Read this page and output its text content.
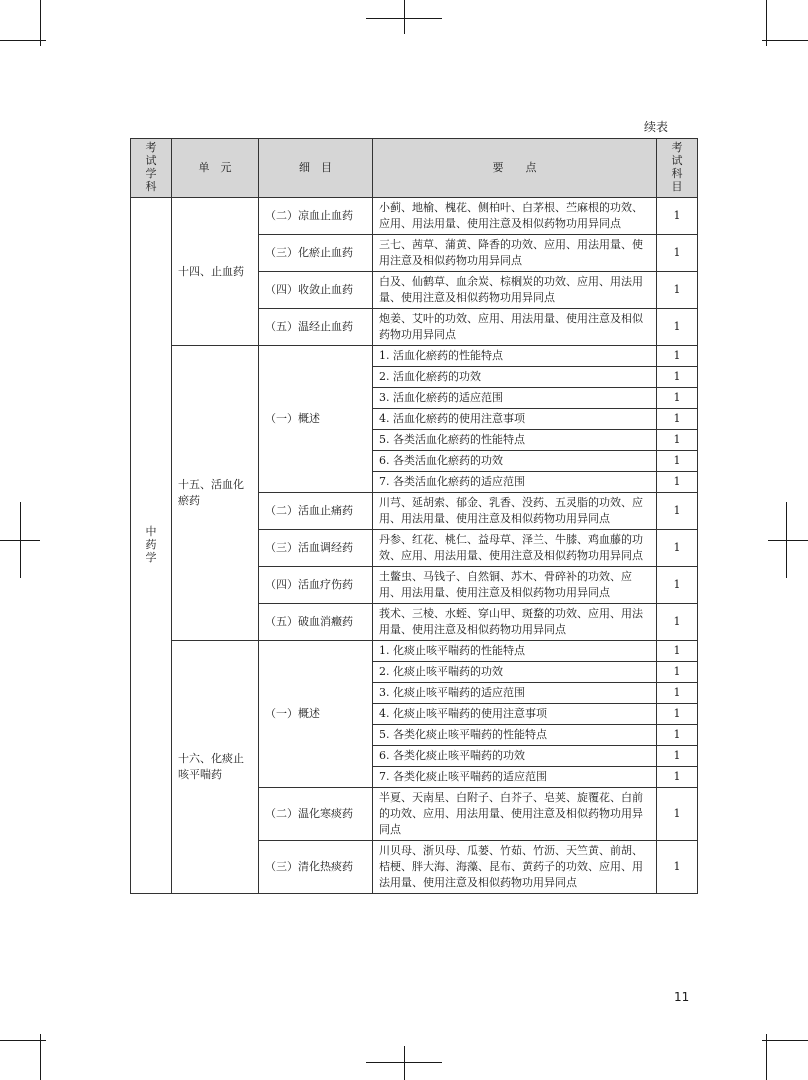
续表
考试学科	单　元	细　目	要　　点	考试科目
中药学	十四、止血药	（二）凉血止血药	小蓟、地榆、槐花、侧柏叶、白茅根、苎麻根的功效、应用、用法用量、使用注意及相似药物功用异同点	1
		（三）化瘀止血药	三七、茜草、蒲黄、降香的功效、应用、用法用量、使用注意及相似药物功用异同点	1
		（四）收敛止血药	白及、仙鹤草、血余炭、棕榈炭的功效、应用、用法用量、使用注意及相似药物功用异同点	1
		（五）温经止血药	炮姜、艾叶的功效、应用、用法用量、使用注意及相似药物功用异同点	1
	十五、活血化瘀药	（一）概述	1. 活血化瘀药的性能特点	1
			2. 活血化瘀药的功效	1
			3. 活血化瘀药的适应范围	1
			4. 活血化瘀药的使用注意事项	1
			5. 各类活血化瘀药的性能特点	1
			6. 各类活血化瘀药的功效	1
			7. 各类活血化瘀药的适应范围	1
		（二）活血止痛药	川芎、延胡索、郁金、乳香、没药、五灵脂的功效、应用、用法用量、使用注意及相似药物功用异同点	1
		（三）活血调经药	丹参、红花、桃仁、益母草、泽兰、牛膝、鸡血藤的功效、应用、用法用量、使用注意及相似药物功用异同点	1
		（四）活血疗伤药	土鳖虫、马钱子、自然铜、苏木、骨碎补的功效、应用、用法用量、使用注意及相似药物功用异同点	1
		（五）破血消癥药	莪术、三棱、水蛭、穿山甲、斑蝥的功效、应用、用法用量、使用注意及相似药物功用异同点	1
	十六、化痰止咳平喘药	（一）概述	1. 化痰止咳平喘药的性能特点	1
			2. 化痰止咳平喘药的功效	1
			3. 化痰止咳平喘药的适应范围	1
			4. 化痰止咳平喘药的使用注意事项	1
			5. 各类化痰止咳平喘药的性能特点	1
			6. 各类化痰止咳平喘药的功效	1
			7. 各类化痰止咳平喘药的适应范围	1
		（二）温化寒痰药	半夏、天南星、白附子、白芥子、皂荚、旋覆花、白前的功效、应用、用法用量、使用注意及相似药物功用异同点	1
		（三）清化热痰药	川贝母、浙贝母、瓜蒌、竹茹、竹沥、天竺黄、前胡、桔梗、胖大海、海藻、昆布、黄药子的功效、应用、用法用量、使用注意及相似药物功用异同点	1
11
